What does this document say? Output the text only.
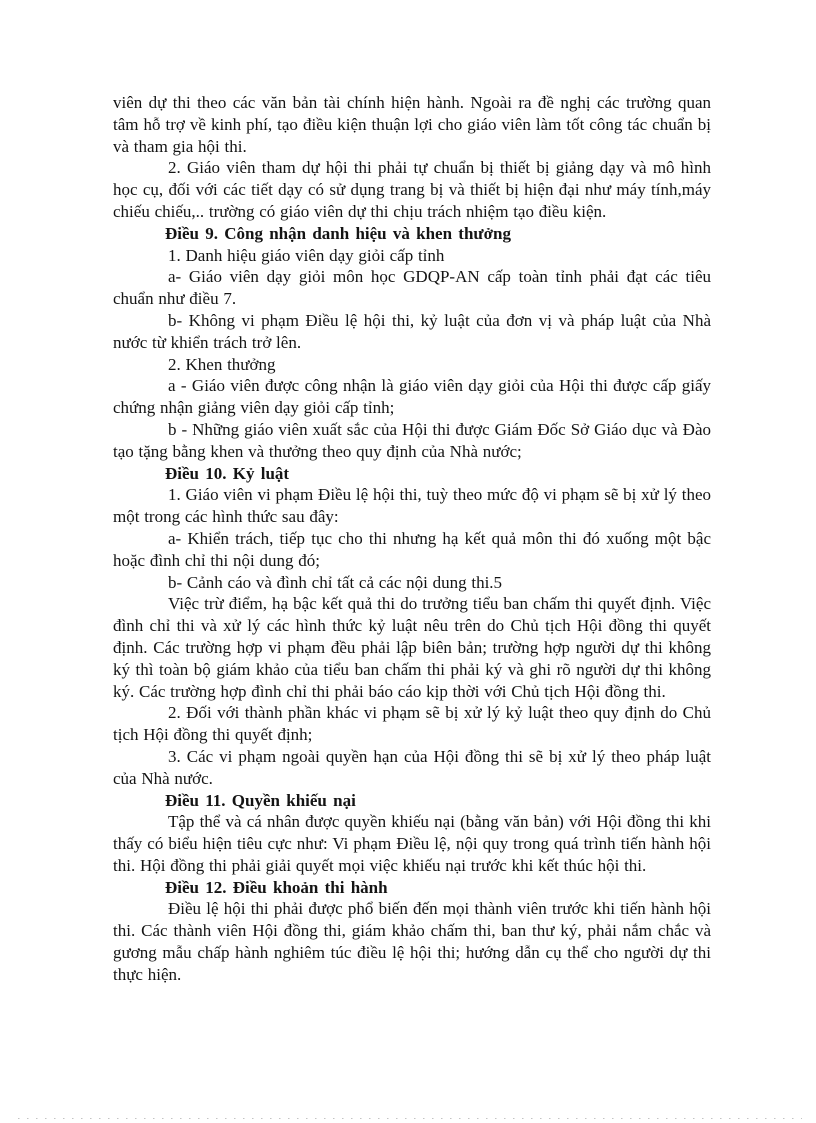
viên dự thi theo các văn bản tài chính hiện hành. Ngoài ra đề nghị các trường quan tâm hỗ trợ về kinh phí, tạo điều kiện thuận lợi cho giáo viên làm tốt công tác chuẩn bị và tham gia hội thi.

2. Giáo viên tham dự hội thi phải tự chuẩn bị thiết bị giảng dạy và mô hình học cụ, đối với các tiết dạy có sử dụng trang bị và thiết bị hiện đại như máy tính,máy chiếu chiếu,.. trường có giáo viên dự thi chịu trách nhiệm tạo điều kiện.

Điều 9. Công nhận danh hiệu và khen thưởng

1. Danh hiệu giáo viên dạy giỏi cấp tỉnh

a- Giáo viên dạy giỏi môn học GDQP-AN cấp toàn tỉnh phải đạt các tiêu chuẩn như điều 7.

b- Không vi phạm Điều lệ hội thi, kỷ luật của đơn vị và pháp luật của Nhà nước từ khiển trách trở lên.

2. Khen thưởng

a - Giáo viên được công nhận là giáo viên dạy giỏi của Hội thi được cấp giấy chứng nhận giảng viên dạy giỏi cấp tỉnh;

b - Những giáo viên xuất sắc của Hội thi được Giám Đốc Sở Giáo dục và Đào tạo tặng bằng khen và thưởng theo quy định của Nhà nước;

Điều 10. Kỷ luật

1. Giáo viên vi phạm Điều lệ hội thi, tuỳ theo mức độ vi phạm sẽ bị xử lý theo một trong các hình thức sau đây:

a- Khiển trách, tiếp tục cho thi nhưng hạ kết quả môn thi đó xuống một bậc hoặc đình chỉ thi nội dung đó;

b- Cảnh cáo và đình chỉ tất cả các nội dung thi.5

Việc trừ điểm, hạ bậc kết quả thi do trưởng tiểu ban chấm thi quyết định. Việc đình chỉ thi và xử lý các hình thức kỷ luật nêu trên do Chủ tịch Hội đồng thi quyết định. Các trường hợp vi phạm đều phải lập biên bản; trường hợp người dự thi không ký thì toàn bộ giám khảo của tiểu ban chấm thi phải ký và ghi rõ người dự thi không ký. Các trường hợp đình chỉ thi phải báo cáo kịp thời với Chủ tịch Hội đồng thi.

2. Đối với thành phần khác vi phạm sẽ bị xử lý kỷ luật theo quy định do Chủ tịch Hội đồng thi quyết định;

3. Các vi phạm ngoài quyền hạn của Hội đồng thi sẽ bị xử lý theo pháp luật của Nhà nước.

Điều 11. Quyền khiếu nại

Tập thể và cá nhân được quyền khiếu nại (bằng văn bản) với Hội đồng thi khi thấy có biểu hiện tiêu cực như: Vi phạm Điều lệ, nội quy trong quá trình tiến hành hội thi. Hội đồng thi phải giải quyết mọi việc khiếu nại trước khi kết thúc hội thi.

Điều 12. Điều khoản thi hành

Điều lệ hội thi phải được phổ biến đến mọi thành viên trước khi tiến hành hội thi. Các thành viên Hội đồng thi, giám khảo chấm thi, ban thư ký, phải nắm chắc và gương mẫu chấp hành nghiêm túc điều lệ hội thi; hướng dẫn cụ thể cho người dự thi thực hiện.
